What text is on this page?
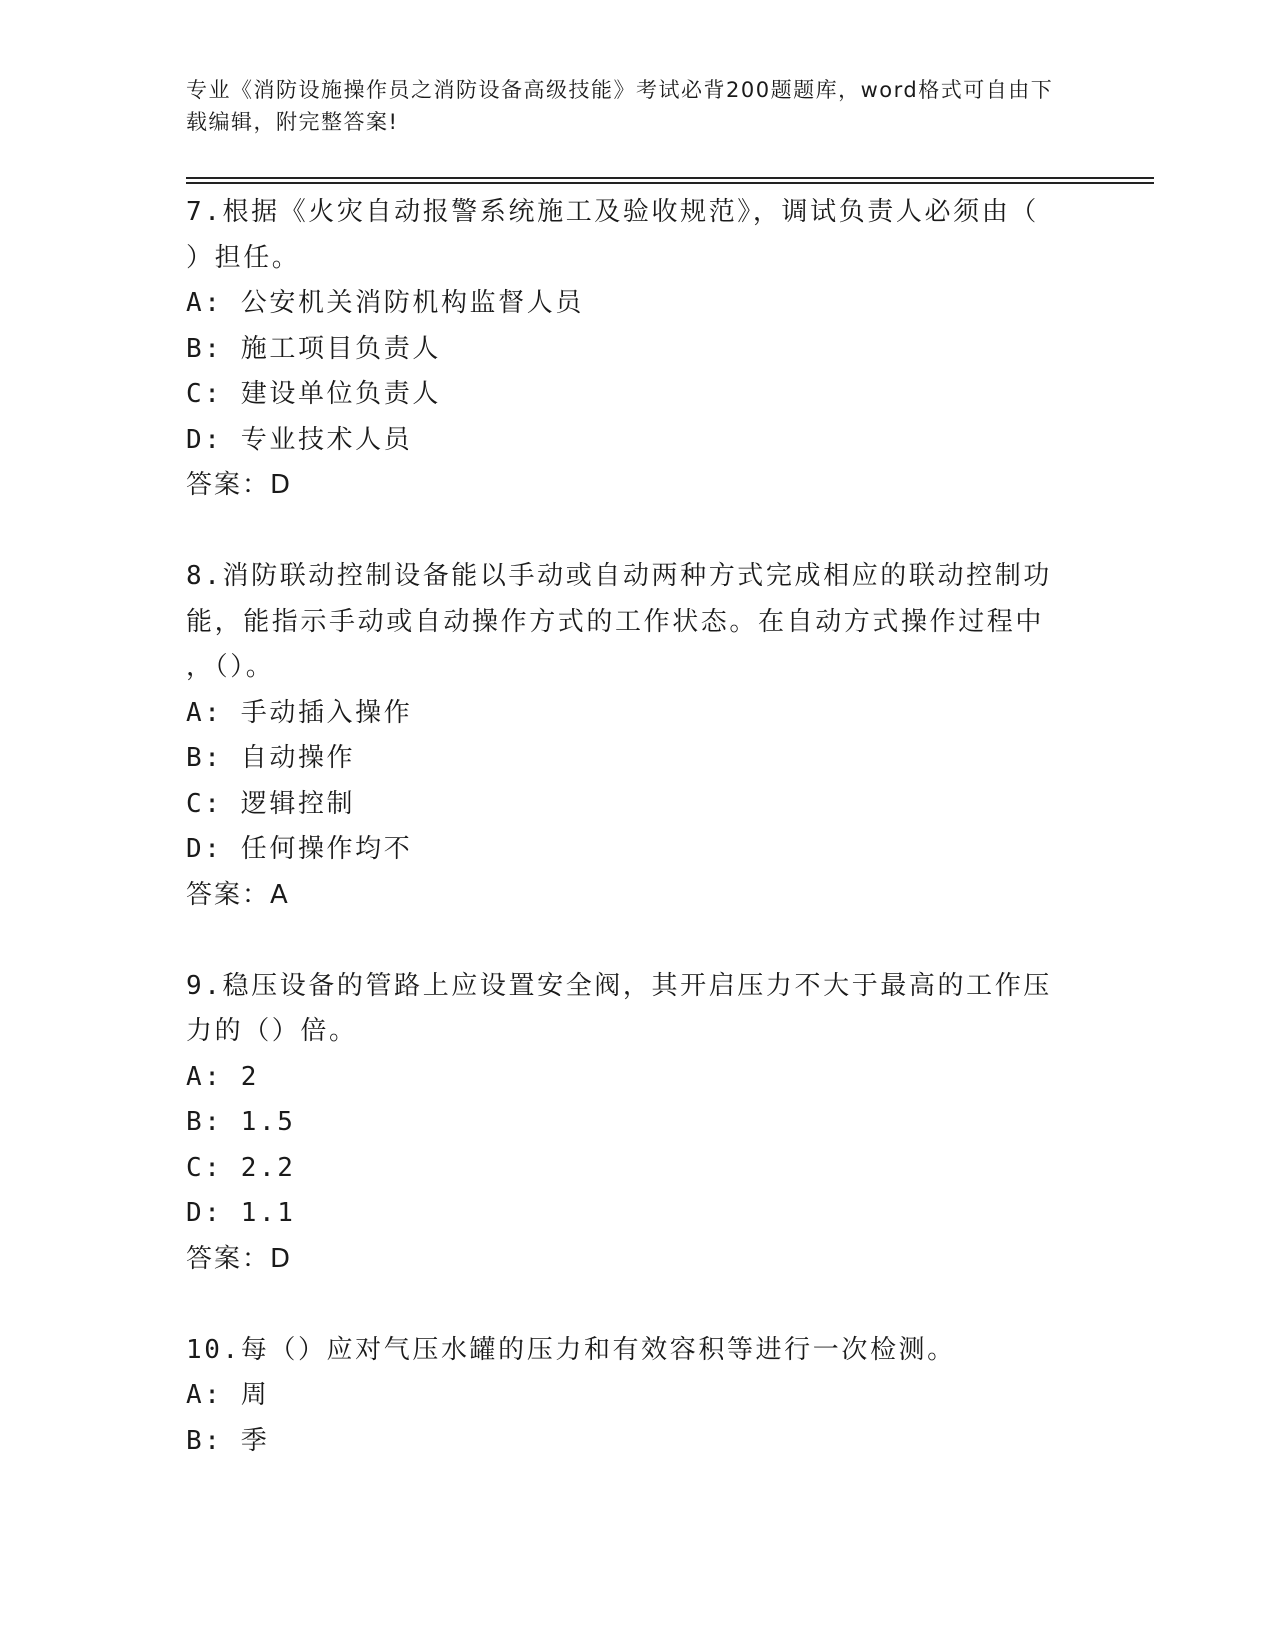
专业《消防设施操作员之消防设备高级技能》考试必背200题题库，word格式可自由下载编辑，附完整答案!
7.根据《火灾自动报警系统施工及验收规范》，调试负责人必须由（
）担任。
A: 公安机关消防机构监督人员
B: 施工项目负责人
C: 建设单位负责人
D: 专业技术人员
答案：D
8.消防联动控制设备能以手动或自动两种方式完成相应的联动控制功
能，能指示手动或自动操作方式的工作状态。在自动方式操作过程中
，（）。
A: 手动插入操作
B: 自动操作
C: 逻辑控制
D: 任何操作均不
答案：A
9.稳压设备的管路上应设置安全阀，其开启压力不大于最高的工作压
力的（）倍。
A: 2
B: 1.5
C: 2.2
D: 1.1
答案：D
10.每（）应对气压水罐的压力和有效容积等进行一次检测。
A: 周
B: 季
